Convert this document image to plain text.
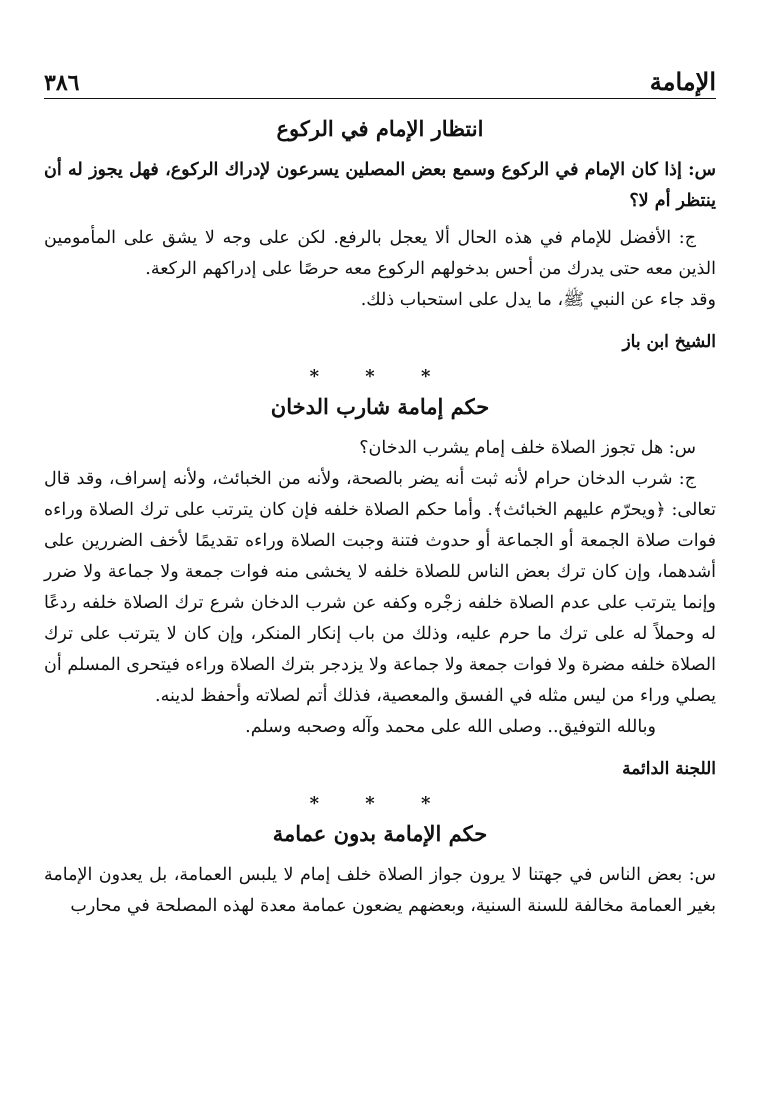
الإمامة
٣٨٦
انتظار الإمام في الركوع

س: إذا كان الإمام في الركوع وسمع بعض المصلين يسرعون لإدراك الركوع، فهل يجوز له أن ينتظر أم لا؟

ج: الأفضل للإمام في هذه الحال ألا يعجل بالرفع. لكن على وجه لا يشق على المأمومين الذين معه حتى يدرك من أحس بدخولهم الركوع معه حرصًا على إدراكهم الركعة.

وقد جاء عن النبي ﷺ، ما يدل على استحباب ذلك.

الشيخ ابن باز
* * *
حكم إمامة شارب الدخان

س: هل تجوز الصلاة خلف إمام يشرب الدخان؟

ج: شرب الدخان حرام لأنه ثبت أنه يضر بالصحة، ولأنه من الخبائث، ولأنه إسراف، وقد قال تعالى: ﴿ويحرّم عليهم الخبائث﴾. وأما حكم الصلاة خلفه فإن كان يترتب على ترك الصلاة وراءه فوات صلاة الجمعة أو الجماعة أو حدوث فتنة وجبت الصلاة وراءه تقديمًا لأخف الضررين على أشدهما، وإن كان ترك بعض الناس للصلاة خلفه لا يخشى منه فوات جمعة ولا جماعة ولا ضرر وإنما يترتب على عدم الصلاة خلفه زجْره وكفه عن شرب الدخان شرع ترك الصلاة خلفه ردعًا له وحملاً له على ترك ما حرم عليه، وذلك من باب إنكار المنكر، وإن كان لا يترتب على ترك الصلاة خلفه مضرة ولا فوات جمعة ولا جماعة ولا يزدجر بترك الصلاة وراءه فيتحرى المسلم أن يصلي وراء من ليس مثله في الفسق والمعصية، فذلك أتم لصلاته وأحفظ لدينه.

وبالله التوفيق.. وصلى الله على محمد وآله وصحبه وسلم.

اللجنة الدائمة
* * *
حكم الإمامة بدون عمامة

س: بعض الناس في جهتنا لا يرون جواز الصلاة خلف إمام لا يلبس العمامة، بل يعدون الإمامة بغير العمامة مخالفة للسنة السنية، وبعضهم يضعون عمامة معدة لهذه المصلحة في محارب
